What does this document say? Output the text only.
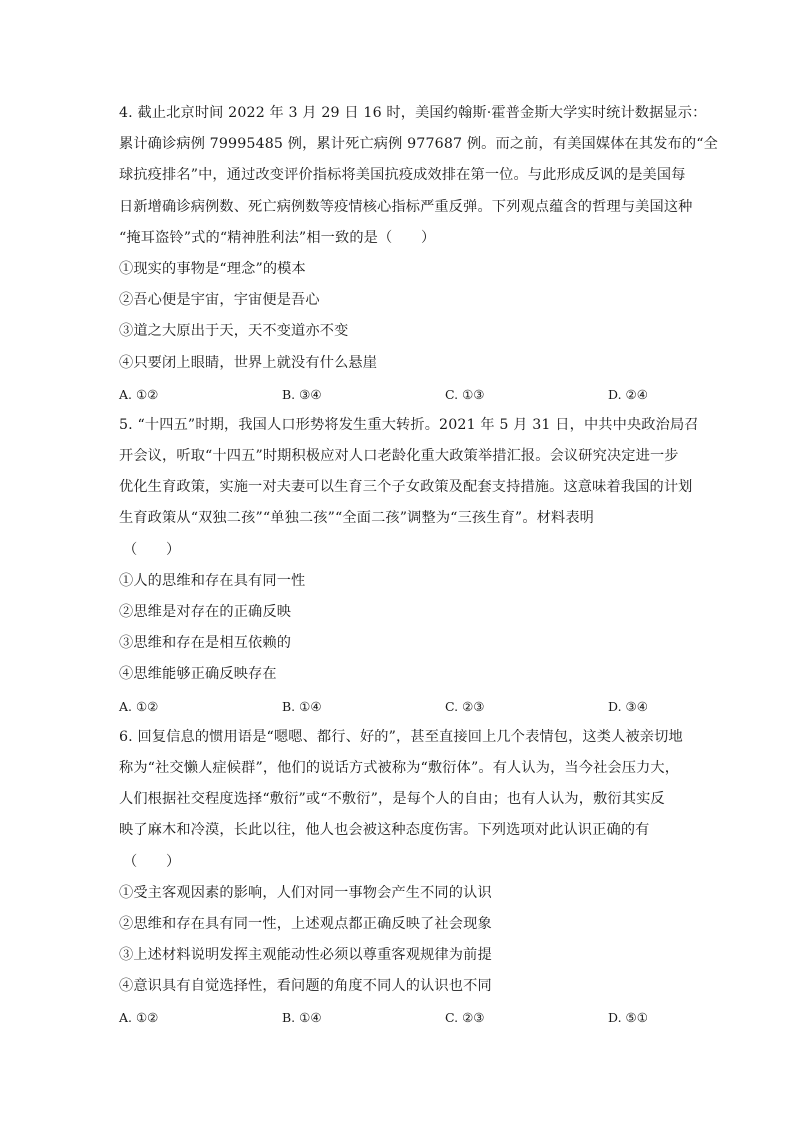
4. 截止北京时间 2022 年 3 月 29 日 16 时，美国约翰斯·霍普金斯大学实时统计数据显示：
累计确诊病例 79995485 例，累计死亡病例 977687 例。而之前，有美国媒体在其发布的“全
球抗疫排名”中，通过改变评价指标将美国抗疫成效排在第一位。与此形成反讽的是美国每
日新增确诊病例数、死亡病例数等疫情核心指标严重反弹。下列观点蕴含的哲理与美国这种
“掩耳盗铃”式的“精神胜利法”相一致的是（　　）
①现实的事物是“理念”的模本
②吾心便是宇宙，宇宙便是吾心
③道之大原出于天，天不变道亦不变
④只要闭上眼睛，世界上就没有什么悬崖
A. ①②	B. ③④	C. ①③	D. ②④
5. “十四五”时期，我国人口形势将发生重大转折。2021 年 5 月 31 日，中共中央政治局召
开会议，听取“十四五”时期积极应对人口老龄化重大政策举措汇报。会议研究决定进一步
优化生育政策，实施一对夫妻可以生育三个子女政策及配套支持措施。这意味着我国的计划
生育政策从“双独二孩”“单独二孩”“全面二孩”调整为“三孩生育”。材料表明
（　　）
①人的思维和存在具有同一性
②思维是对存在的正确反映
③思维和存在是相互依赖的
④思维能够正确反映存在
A. ①②	B. ①④	C. ②③	D. ③④
6. 回复信息的惯用语是“嗯嗯、都行、好的”，甚至直接回上几个表情包，这类人被亲切地
称为“社交懒人症候群”，他们的说话方式被称为“敷衍体”。有人认为，当今社会压力大，
人们根据社交程度选择“敷衍”或“不敷衍”，是每个人的自由；也有人认为，敷衍其实反
映了麻木和冷漠，长此以往，他人也会被这种态度伤害。下列选项对此认识正确的有
（　　）
①受主客观因素的影响，人们对同一事物会产生不同的认识
②思维和存在具有同一性，上述观点都正确反映了社会现象
③上述材料说明发挥主观能动性必须以尊重客观规律为前提
④意识具有自觉选择性，看问题的角度不同人的认识也不同
A. ①②	B. ①④	C. ②③	D. ⑤①
